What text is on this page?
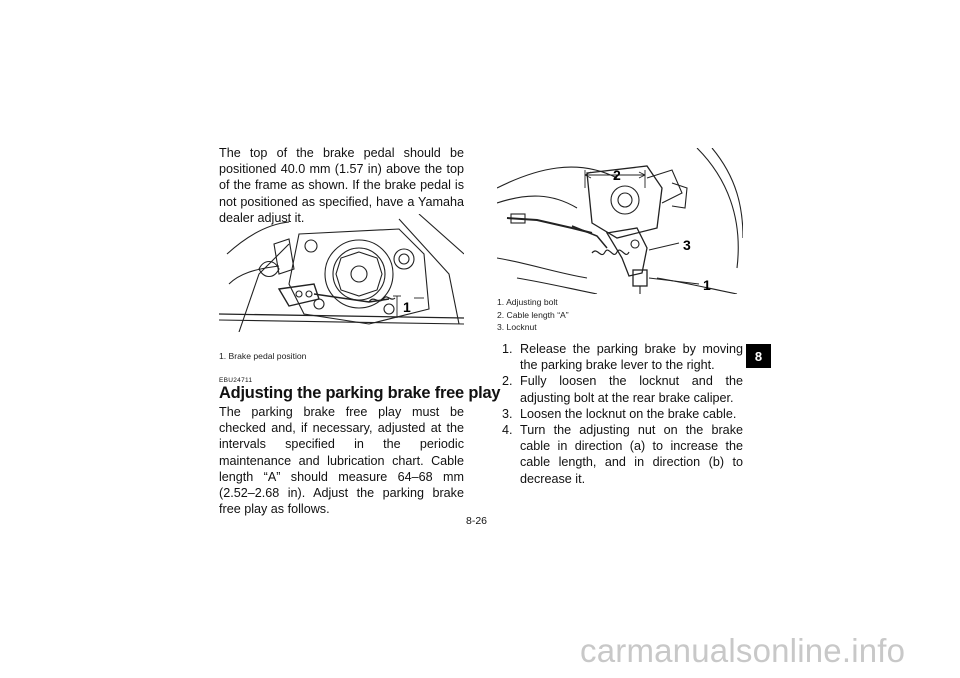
The top of the brake pedal should be positioned 40.0 mm (1.57 in) above the top of the frame as shown. If the brake pedal is not positioned as specified, have a Yamaha dealer adjust it.
1
1. Brake pedal position
EBU24711
Adjusting the parking brake free play
The parking brake free play must be checked and, if necessary, adjusted at the intervals specified in the periodic maintenance and lubrication chart. Cable length “A” should measure 64–68 mm (2.52–2.68 in). Adjust the parking brake free play as follows.
2
3
1
1. Adjusting bolt
2. Cable length “A”
3. Locknut
1. Release the parking brake by moving the parking brake lever to the right.
2. Fully loosen the locknut and the adjusting bolt at the rear brake caliper.
3. Loosen the locknut on the brake cable.
4. Turn the adjusting nut on the brake cable in direction (a) to increase the cable length, and in direction (b) to decrease it.
8
8-26
carmanualsonline.info
